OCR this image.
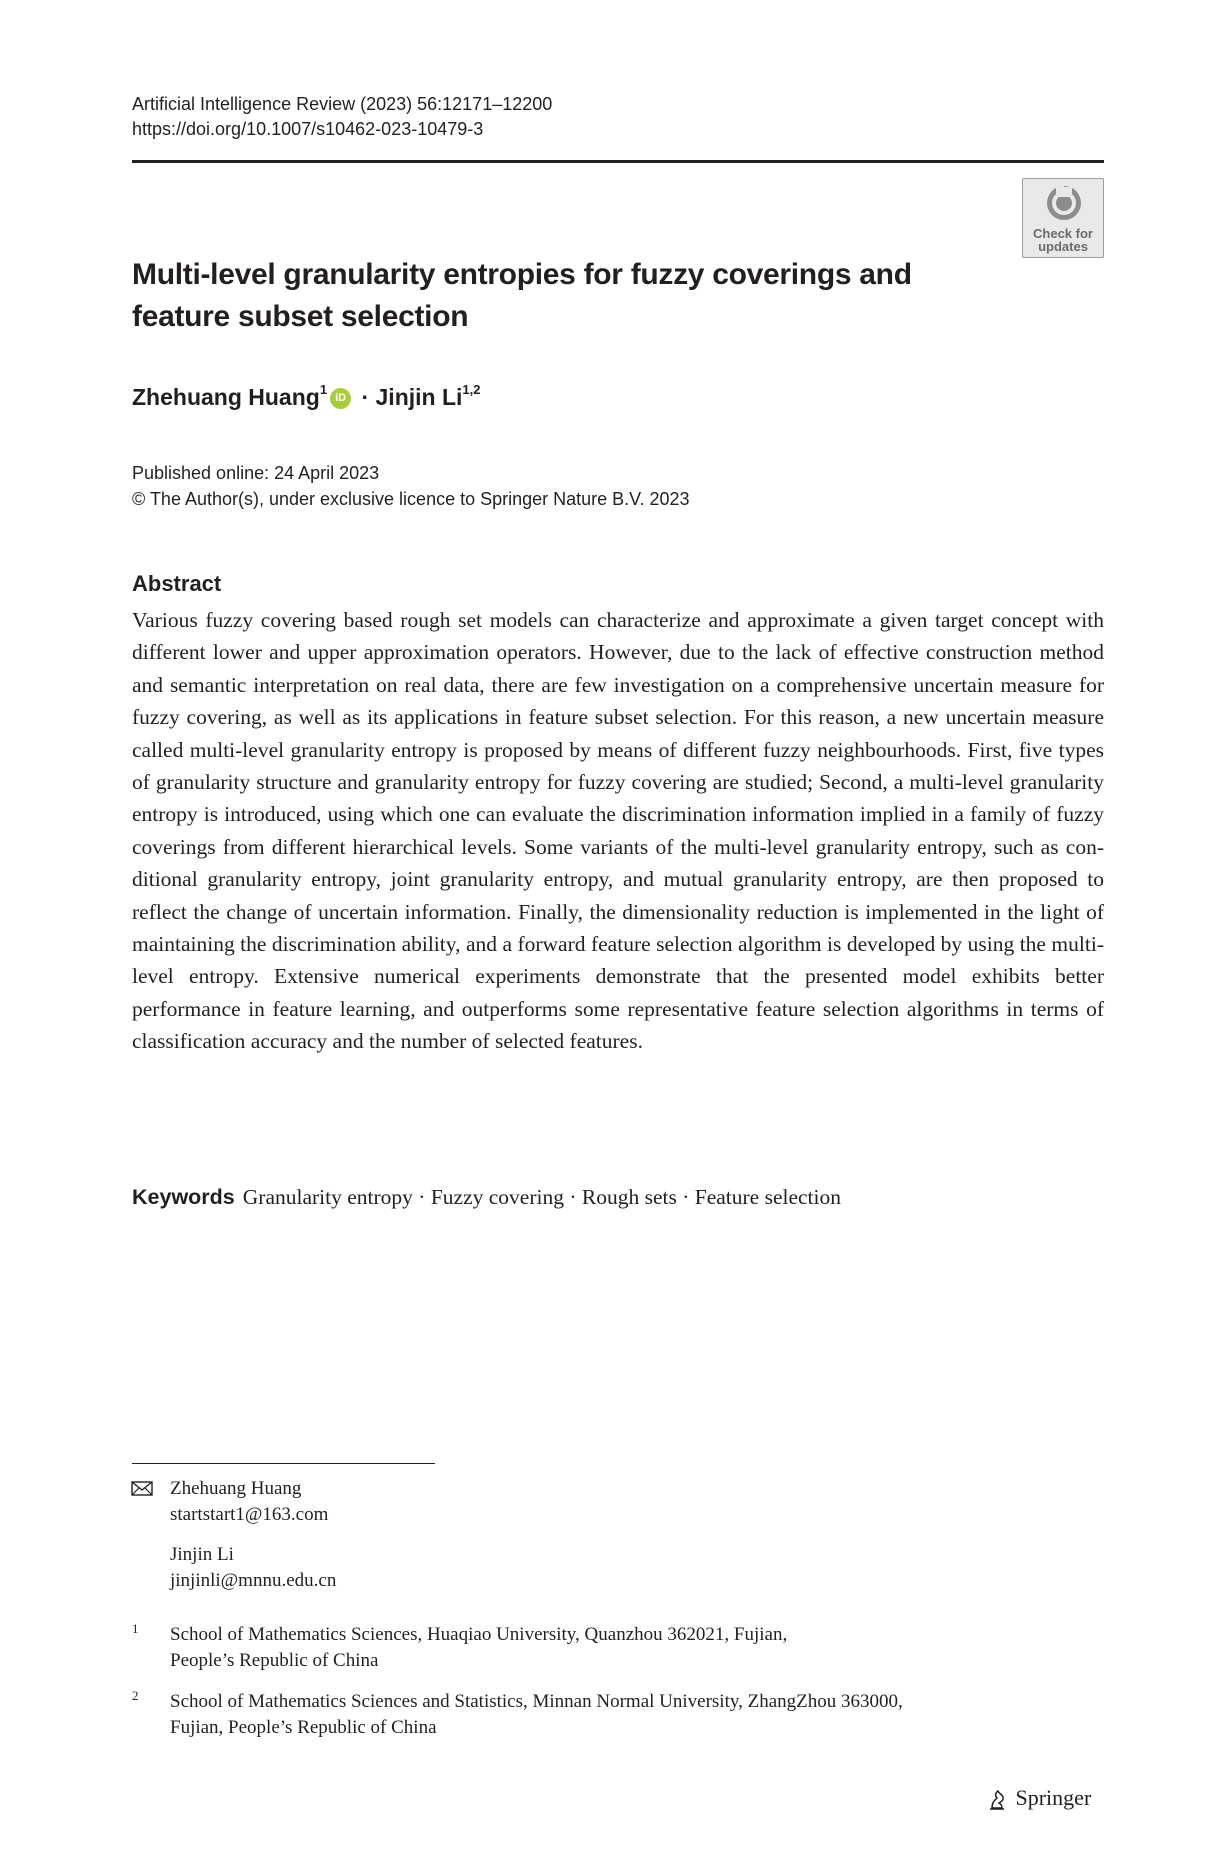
Artificial Intelligence Review (2023) 56:12171–12200
https://doi.org/10.1007/s10462-023-10479-3
Check for
updates
Multi-level granularity entropies for fuzzy coverings and feature subset selection
Zhehuang Huang$^1$iD · Jinjin Li$^{1,2}$
Published online: 24 April 2023
© The Author(s), under exclusive licence to Springer Nature B.V. 2023
Abstract
Various fuzzy covering based rough set models can characterize and approximate a given target concept with different lower and upper approximation operators. However, due to the lack of effective construction method and semantic interpretation on real data, there are few investigation on a comprehensive uncertain measure for fuzzy covering, as well as its applications in feature subset selection. For this reason, a new uncertain measure called multi-level granularity entropy is proposed by means of different fuzzy neighbourhoods. First, five types of granularity structure and granularity entropy for fuzzy covering are studied; Second, a multi-level granularity entropy is introduced, using which one can evaluate the discrimination information implied in a family of fuzzy coverings from different hierarchical levels. Some variants of the multi-level granularity entropy, such as conditional granularity entropy, joint granularity entropy, and mutual granularity entropy, are then proposed to reflect the change of uncertain information. Finally, the dimensionality reduction is implemented in the light of maintaining the discrimination ability, and a forward feature selection algorithm is developed by using the multi-level entropy. Extensive numerical experiments demonstrate that the presented model exhibits better performance in feature learning, and outperforms some representative feature selection algorithms in terms of classification accuracy and the number of selected features.
Keywords Granularity entropy · Fuzzy covering · Rough sets · Feature selection
Zhehuang Huang
startstart1@163.com
Jinjin Li
jinjinli@mnnu.edu.cn
1 School of Mathematics Sciences, Huaqiao University, Quanzhou 362021, Fujian,
People’s Republic of China
2 School of Mathematics Sciences and Statistics, Minnan Normal University, ZhangZhou 363000,
Fujian, People’s Republic of China
Springer
